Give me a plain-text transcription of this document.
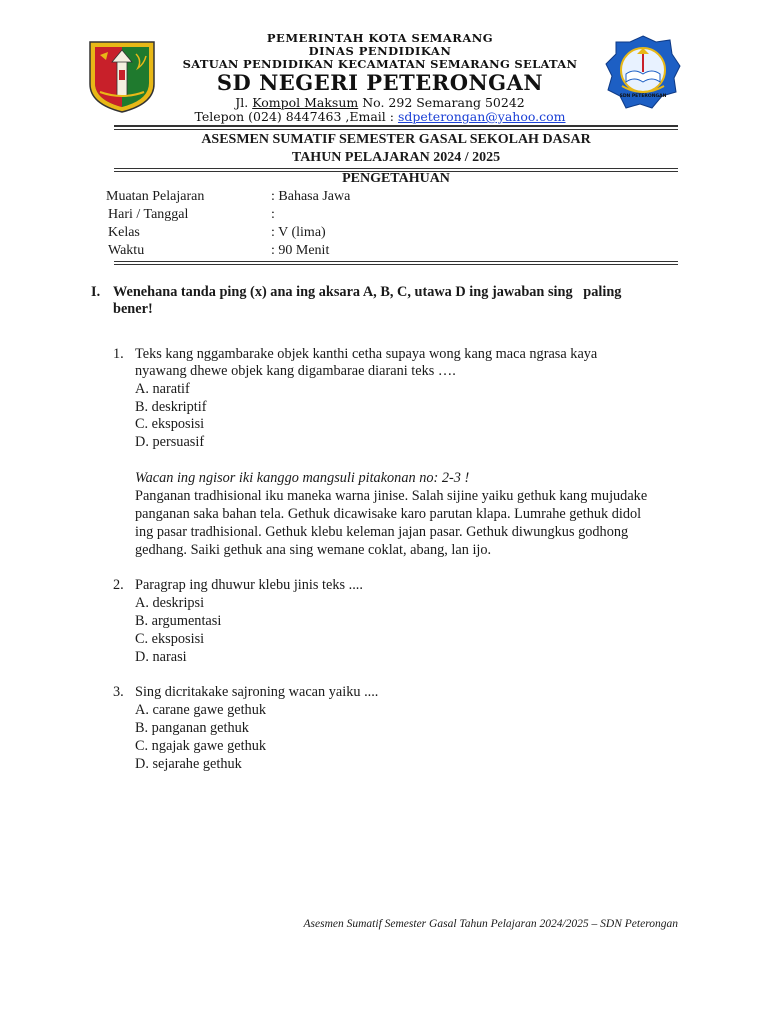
PEMERINTAH KOTA SEMARANG
DINAS PENDIDIKAN
SATUAN PENDIDIKAN KECAMATAN SEMARANG SELATAN
SD NEGERI PETERONGAN
Jl. Kompol Maksum No. 292 Semarang 50242
Telepon (024) 8447463 ,Email : sdpeterongan@yahoo.com
SDN PETERONGAN
ASESMEN SUMATIF SEMESTER GASAL SEKOLAH DASAR
TAHUN PELAJARAN 2024 / 2025
PENGETAHUAN
Muatan Pelajaran	: Bahasa Jawa
Hari / Tanggal	:
Kelas	: V (lima)
Waktu	: 90 Menit
I. Wenehana tanda ping (x) ana ing aksara A, B, C, utawa D ing jawaban sing   paling
bener!
1. Teks kang nggambarake objek kanthi cetha supaya wong kang maca ngrasa kaya
nyawang dhewe objek kang digambarae diarani teks ….
A. naratif
B. deskriptif
C. eksposisi
D. persuasif
Wacan ing ngisor iki kanggo mangsuli pitakonan no: 2-3 !
Panganan tradhisional iku maneka warna jinise. Salah sijine yaiku gethuk kang mujudake
panganan saka bahan tela. Gethuk dicawisake karo parutan klapa. Lumrahe gethuk didol
ing pasar tradhisional. Gethuk klebu keleman jajan pasar. Gethuk diwungkus godhong
gedhang. Saiki gethuk ana sing wemane coklat, abang, lan ijo.
2. Paragrap ing dhuwur klebu jinis teks ....
A. deskripsi
B. argumentasi
C. eksposisi
D. narasi
3. Sing dicritakake sajroning wacan yaiku ....
A. carane gawe gethuk
B. panganan gethuk
C. ngajak gawe gethuk
D. sejarahe gethuk
Asesmen Sumatif Semester Gasal Tahun Pelajaran 2024/2025 – SDN Peterongan
